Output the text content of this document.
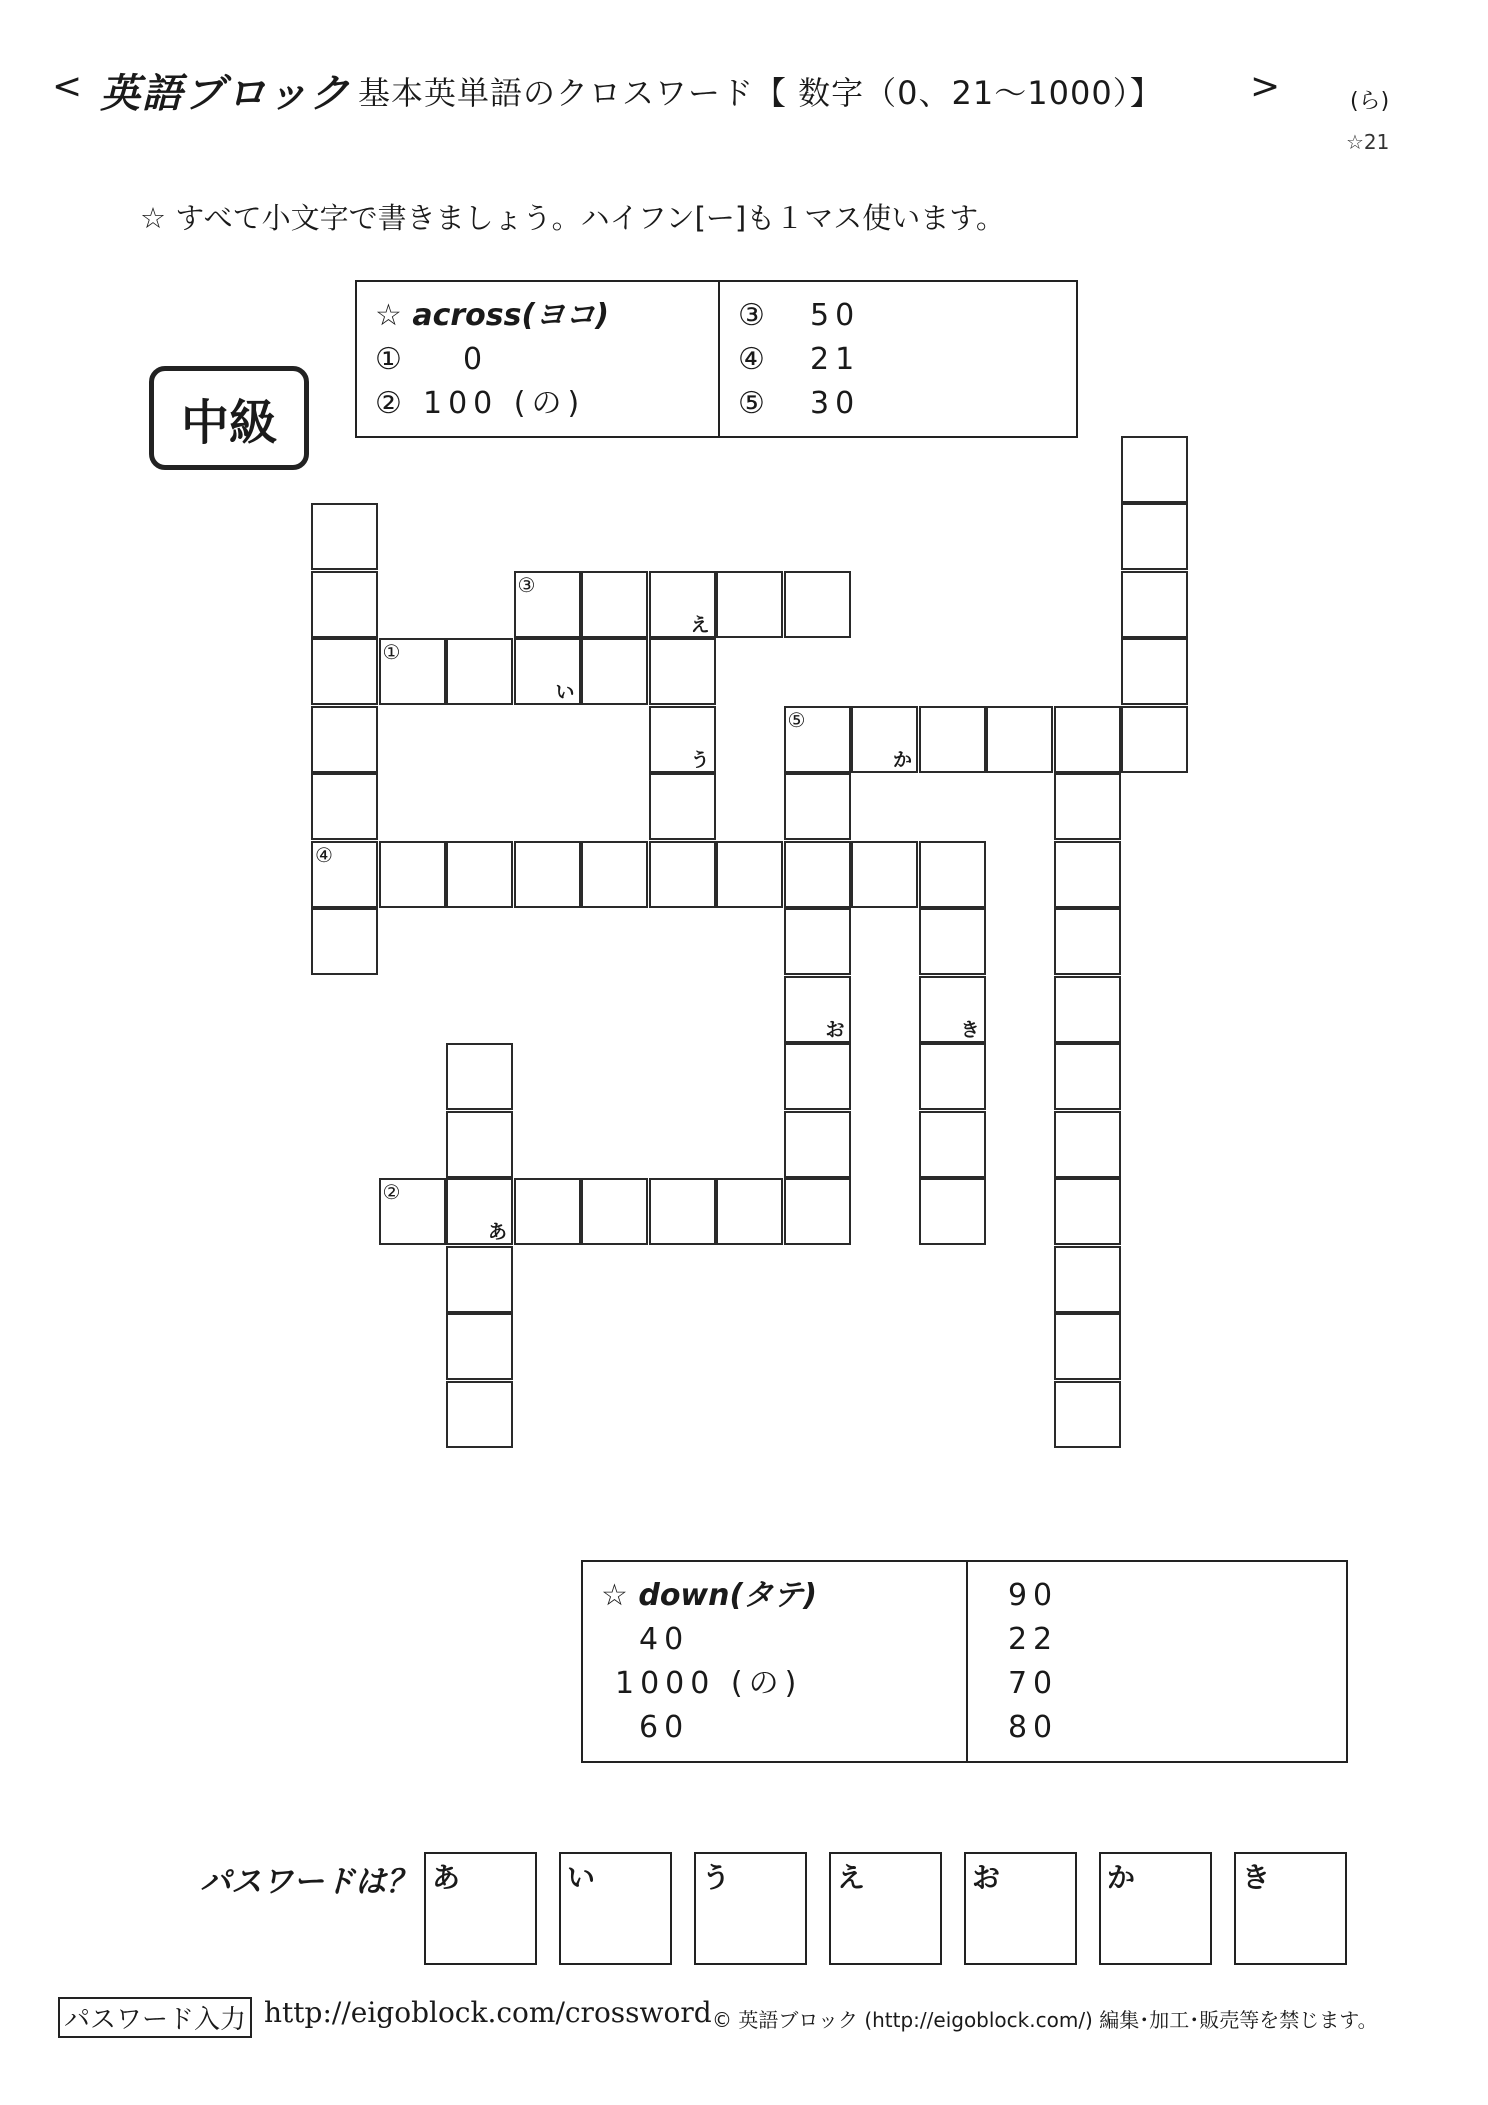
< 英語ブロック 基本英単語のクロスワード【 数字（0、21～1000）】 >	(ら)
☆21
☆ すべて小文字で書きましょう。ハイフン[ー]も１マス使います。
中級
☆ across(ヨコ)
① 0
② 100 (の)
③ 50
④ 21
⑤ 30
③
え
①
い
⑤
か
④
②
あ
う
お	き
☆ down(タテ)
40
1000 (の)
60
90
22
70
80
パスワードは？ あ	い	う	え	お	か	き
パスワード入力 http://eigoblock.com/crossword © 英語ブロック (http://eigoblock.com/) 編集･加工･販売等を禁じます。
